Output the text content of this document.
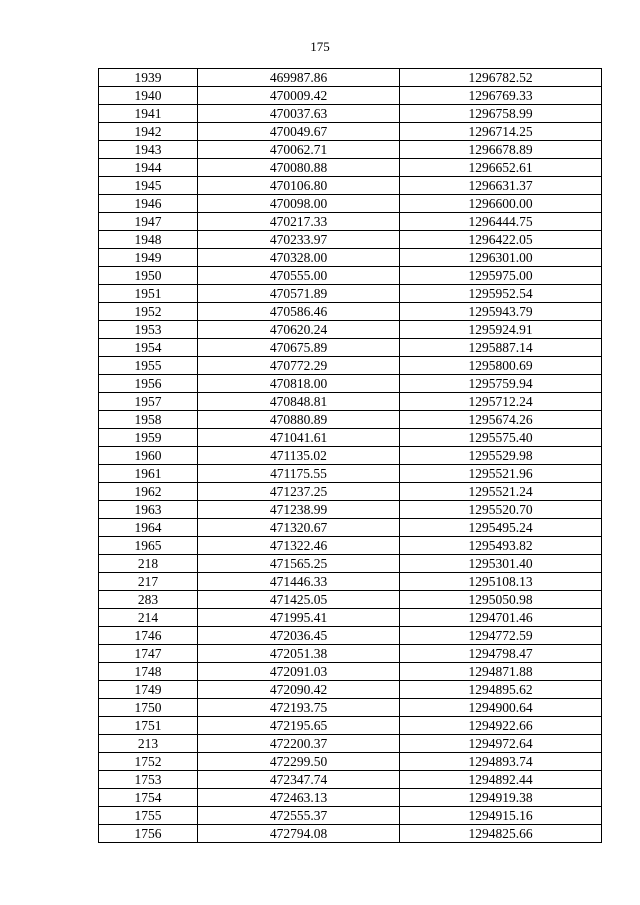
175
1939	469987.86	1296782.52
1940	470009.42	1296769.33
1941	470037.63	1296758.99
1942	470049.67	1296714.25
1943	470062.71	1296678.89
1944	470080.88	1296652.61
1945	470106.80	1296631.37
1946	470098.00	1296600.00
1947	470217.33	1296444.75
1948	470233.97	1296422.05
1949	470328.00	1296301.00
1950	470555.00	1295975.00
1951	470571.89	1295952.54
1952	470586.46	1295943.79
1953	470620.24	1295924.91
1954	470675.89	1295887.14
1955	470772.29	1295800.69
1956	470818.00	1295759.94
1957	470848.81	1295712.24
1958	470880.89	1295674.26
1959	471041.61	1295575.40
1960	471135.02	1295529.98
1961	471175.55	1295521.96
1962	471237.25	1295521.24
1963	471238.99	1295520.70
1964	471320.67	1295495.24
1965	471322.46	1295493.82
218	471565.25	1295301.40
217	471446.33	1295108.13
283	471425.05	1295050.98
214	471995.41	1294701.46
1746	472036.45	1294772.59
1747	472051.38	1294798.47
1748	472091.03	1294871.88
1749	472090.42	1294895.62
1750	472193.75	1294900.64
1751	472195.65	1294922.66
213	472200.37	1294972.64
1752	472299.50	1294893.74
1753	472347.74	1294892.44
1754	472463.13	1294919.38
1755	472555.37	1294915.16
1756	472794.08	1294825.66
